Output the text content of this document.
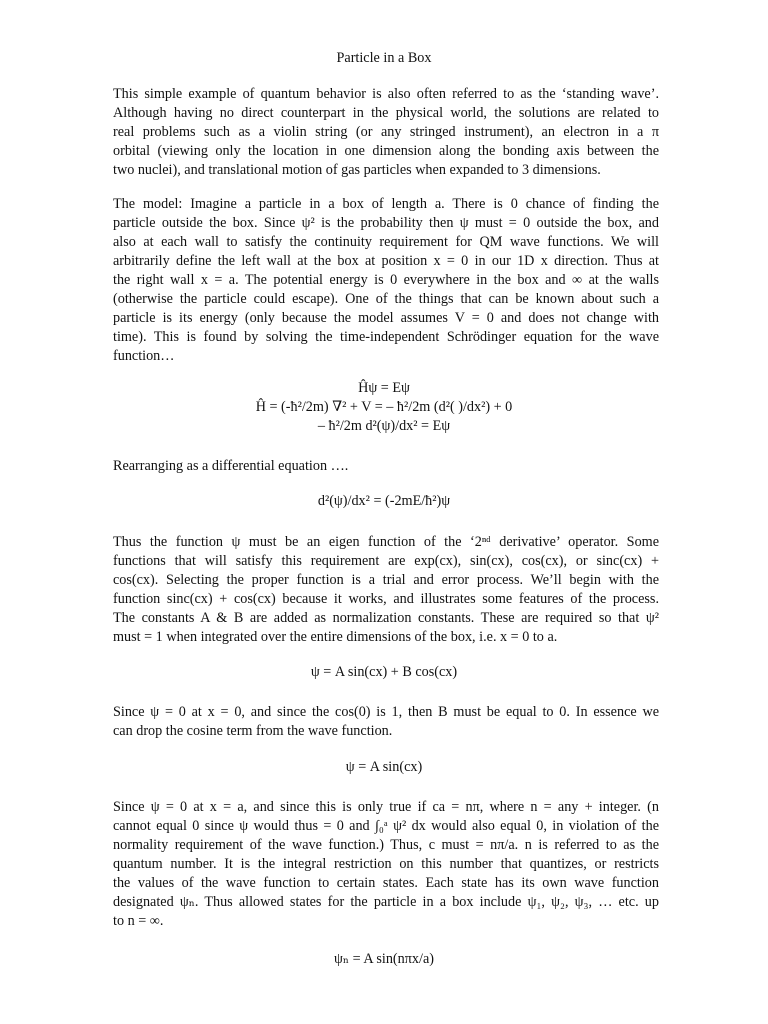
Particle in a Box
This simple example of quantum behavior is also often referred to as the ‘standing wave’.
Although having no direct counterpart in the physical world, the solutions are related to
real problems such as a violin string (or any stringed instrument), an electron in a π
orbital (viewing only the location in one dimension along the bonding axis between the
two nuclei), and translational motion of gas particles when expanded to 3 dimensions.
The model: Imagine a particle in a box of length a. There is 0 chance of finding the
particle outside the box. Since ψ² is the probability then ψ must = 0 outside the box, and
also at each wall to satisfy the continuity requirement for QM wave functions. We will
arbitrarily define the left wall at the box at position x = 0 in our 1D x direction. Thus at
the right wall x = a. The potential energy is 0 everywhere in the box and ∞ at the walls
(otherwise the particle could escape). One of the things that can be known about such a
particle is its energy (only because the model assumes V = 0 and does not change with
time). This is found by solving the time-independent Schrödinger equation for the wave
function…
Ĥψ = Eψ
Ĥ = (-ħ²/2m) ∇² + V = – ħ²/2m (d²( )/dx²) + 0
– ħ²/2m d²(ψ)/dx² = Eψ
Rearranging as a differential equation ….
d²(ψ)/dx² = (-2mE/ħ²)ψ
Thus the function ψ must be an eigen function of the ‘2ⁿᵈ derivative’ operator. Some
functions that will satisfy this requirement are exp(cx), sin(cx), cos(cx), or sinc(cx) +
cos(cx). Selecting the proper function is a trial and error process. We’ll begin with the
function sinc(cx) + cos(cx) because it works, and illustrates some features of the process.
The constants A & B are added as normalization constants. These are required so that ψ²
must = 1 when integrated over the entire dimensions of the box, i.e. x = 0 to a.
ψ = A sin(cx) + B cos(cx)
Since ψ = 0 at x = 0, and since the cos(0) is 1, then B must be equal to 0. In essence we
can drop the cosine term from the wave function.
ψ = A sin(cx)
Since ψ = 0 at x = a, and since this is only true if ca = nπ, where n = any + integer. (n
cannot equal 0 since ψ would thus = 0 and ∫₀ᵃ ψ² dx would also equal 0, in violation of the
normality requirement of the wave function.) Thus, c must = nπ/a. n is referred to as the
quantum number. It is the integral restriction on this number that quantizes, or restricts
the values of the wave function to certain states. Each state has its own wave function
designated ψₙ. Thus allowed states for the particle in a box include ψ₁, ψ₂, ψ₃, … etc. up
to n = ∞.
ψₙ = A sin(nπx/a)
